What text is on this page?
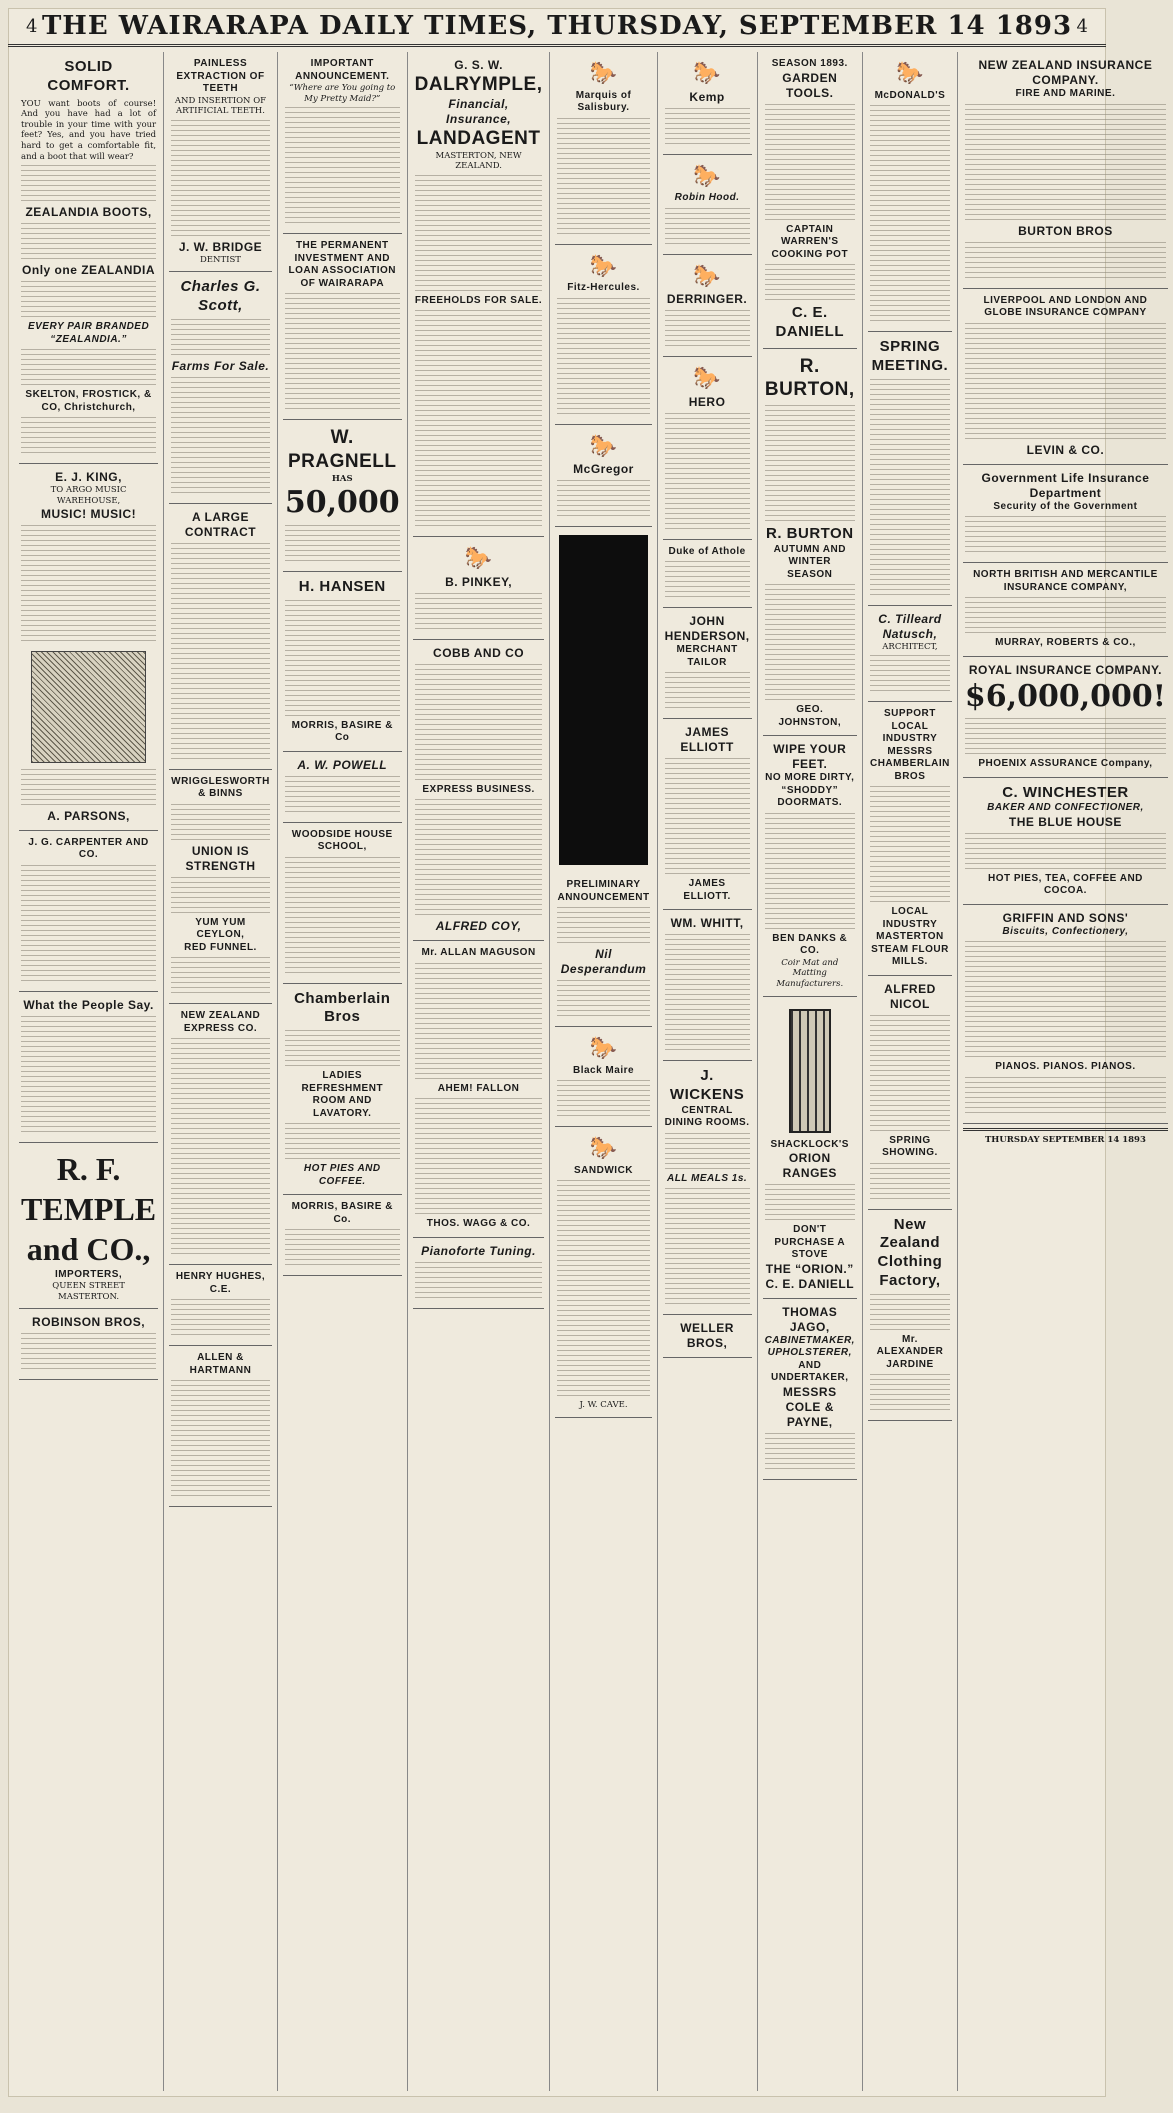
4 THE WAIRARAPA DAILY TIMES, THURSDAY, SEPTEMBER 14 1893 4
SOLID COMFORT.
YOU want boots of course! And you have had a lot of trouble in your time with your feet? Yes, and you have tried hard to get a comfortable fit, and a boot that will wear?
ZEALANDIA BOOTS,
Only one ZEALANDIA
EVERY PAIR BRANDED “ZEALANDIA.”
SKELTON, FROSTICK, & CO, Christchurch,
E. J. KING,
TO ARGO MUSIC WAREHOUSE,
MUSIC! MUSIC!
A. PARSONS,
J. G. CARPENTER AND CO.
What the People Say.
R. F. TEMPLE and CO.,
IMPORTERS,
QUEEN STREET MASTERTON.
ROBINSON BROS,
PAINLESS EXTRACTION OF TEETH
AND INSERTION OF ARTIFICIAL TEETH.
J. W. BRIDGE
DENTIST
Charles G. Scott,
Farms For Sale.
A LARGE CONTRACT
WRIGGLESWORTH & BINNS
UNION IS STRENGTH
YUM YUM CEYLON,
RED FUNNEL.
NEW ZEALAND EXPRESS CO.
HENRY HUGHES, C.E.
ALLEN & HARTMANN
IMPORTANT ANNOUNCEMENT.
“Where are You going to My Pretty Maid?”
THE PERMANENT INVESTMENT AND LOAN ASSOCIATION OF WAIRARAPA
W. PRAGNELL
HAS
50,000
H. HANSEN
MORRIS, BASIRE & Co
A. W. POWELL
WOODSIDE HOUSE SCHOOL,
Chamberlain Bros
LADIES REFRESHMENT ROOM AND LAVATORY.
HOT PIES AND COFFEE.
MORRIS, BASIRE & Co.
G. S. W.
DALRYMPLE,
Financial, Insurance,
LANDAGENT
MASTERTON, NEW ZEALAND.
FREEHOLDS FOR SALE.
🐎
B. PINKEY,
COBB AND CO
EXPRESS BUSINESS.
ALFRED COY,
Mr. ALLAN MAGUSON
AHEM! FALLON
THOS. WAGG & CO.
Pianoforte Tuning.
🐎
Marquis of Salisbury.
🐎
Fitz-Hercules.
🐎
McGregor
PRELIMINARY ANNOUNCEMENT
Nil Desperandum
🐎
Black Maire
🐎
SANDWICK
J. W. CAVE.
🐎
Kemp
🐎
Robin Hood.
🐎
DERRINGER.
🐎
HERO
Duke of Athole
JOHN HENDERSON,
MERCHANT TAILOR
JAMES ELLIOTT
JAMES ELLIOTT.
WM. WHITT,
J. WICKENS
CENTRAL DINING ROOMS.
ALL MEALS 1s.
WELLER BROS,
SEASON 1893.
GARDEN TOOLS.
CAPTAIN WARREN'S COOKING POT
C. E. DANIELL
R. BURTON,
R. BURTON
AUTUMN AND WINTER SEASON
GEO. JOHNSTON,
WIPE YOUR FEET.
NO MORE DIRTY, “SHODDY” DOORMATS.
BEN DANKS & CO.
Coir Mat and Matting Manufacturers.
SHACKLOCK'S
ORION RANGES
DON'T PURCHASE A STOVE
THE “ORION.”
C. E. DANIELL
THOMAS JAGO,
CABINETMAKER,
UPHOLSTERER,
AND UNDERTAKER,
MESSRS COLE & PAYNE,
🐎
McDONALD'S
SPRING MEETING.
C. Tilleard Natusch,
ARCHITECT,
SUPPORT LOCAL INDUSTRY
MESSRS CHAMBERLAIN BROS
LOCAL INDUSTRY
MASTERTON STEAM FLOUR MILLS.
ALFRED NICOL
SPRING SHOWING.
New Zealand Clothing Factory,
Mr. ALEXANDER JARDINE
NEW ZEALAND INSURANCE COMPANY.
FIRE AND MARINE.
BURTON BROS
LIVERPOOL AND LONDON AND GLOBE INSURANCE COMPANY
LEVIN & CO.
Government Life Insurance Department
Security of the Government
NORTH BRITISH AND MERCANTILE INSURANCE COMPANY,
MURRAY, ROBERTS & CO.,
ROYAL INSURANCE COMPANY.
$6,000,000!
PHOENIX ASSURANCE Company,
C. WINCHESTER
BAKER AND CONFECTIONER,
THE BLUE HOUSE
HOT PIES, TEA, COFFEE AND COCOA.
GRIFFIN AND SONS'
Biscuits, Confectionery,
PIANOS. PIANOS. PIANOS.
THURSDAY SEPTEMBER 14 1893
